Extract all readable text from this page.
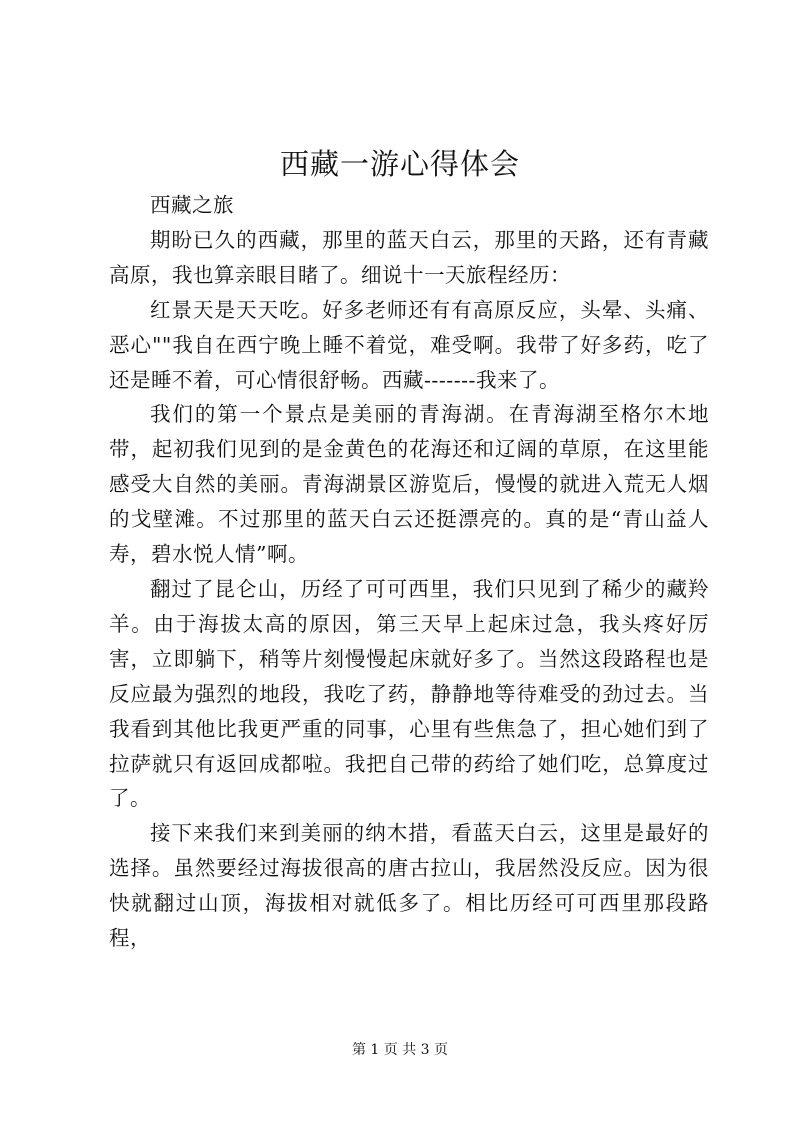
西藏一游心得体会

西藏之旅

期盼已久的西藏，那里的蓝天白云，那里的天路，还有青藏高原，我也算亲眼目睹了。细说十一天旅程经历：

红景天是天天吃。好多老师还有有高原反应，头晕、头痛、恶心""我自在西宁晚上睡不着觉，难受啊。我带了好多药，吃了还是睡不着，可心情很舒畅。西藏-------我来了。

我们的第一个景点是美丽的青海湖。在青海湖至格尔木地带，起初我们见到的是金黄色的花海还和辽阔的草原，在这里能感受大自然的美丽。青海湖景区游览后，慢慢的就进入荒无人烟的戈壁滩。不过那里的蓝天白云还挺漂亮的。真的是“青山益人寿，碧水悦人情”啊。

翻过了昆仑山，历经了可可西里，我们只见到了稀少的藏羚羊。由于海拔太高的原因，第三天早上起床过急，我头疼好厉害，立即躺下，稍等片刻慢慢起床就好多了。当然这段路程也是反应最为强烈的地段，我吃了药，静静地等待难受的劲过去。当我看到其他比我更严重的同事，心里有些焦急了，担心她们到了拉萨就只有返回成都啦。我把自己带的药给了她们吃，总算度过了。

接下来我们来到美丽的纳木措，看蓝天白云，这里是最好的选择。虽然要经过海拔很高的唐古拉山，我居然没反应。因为很快就翻过山顶，海拔相对就低多了。相比历经可可西里那段路程，

第 1 页 共 3 页
